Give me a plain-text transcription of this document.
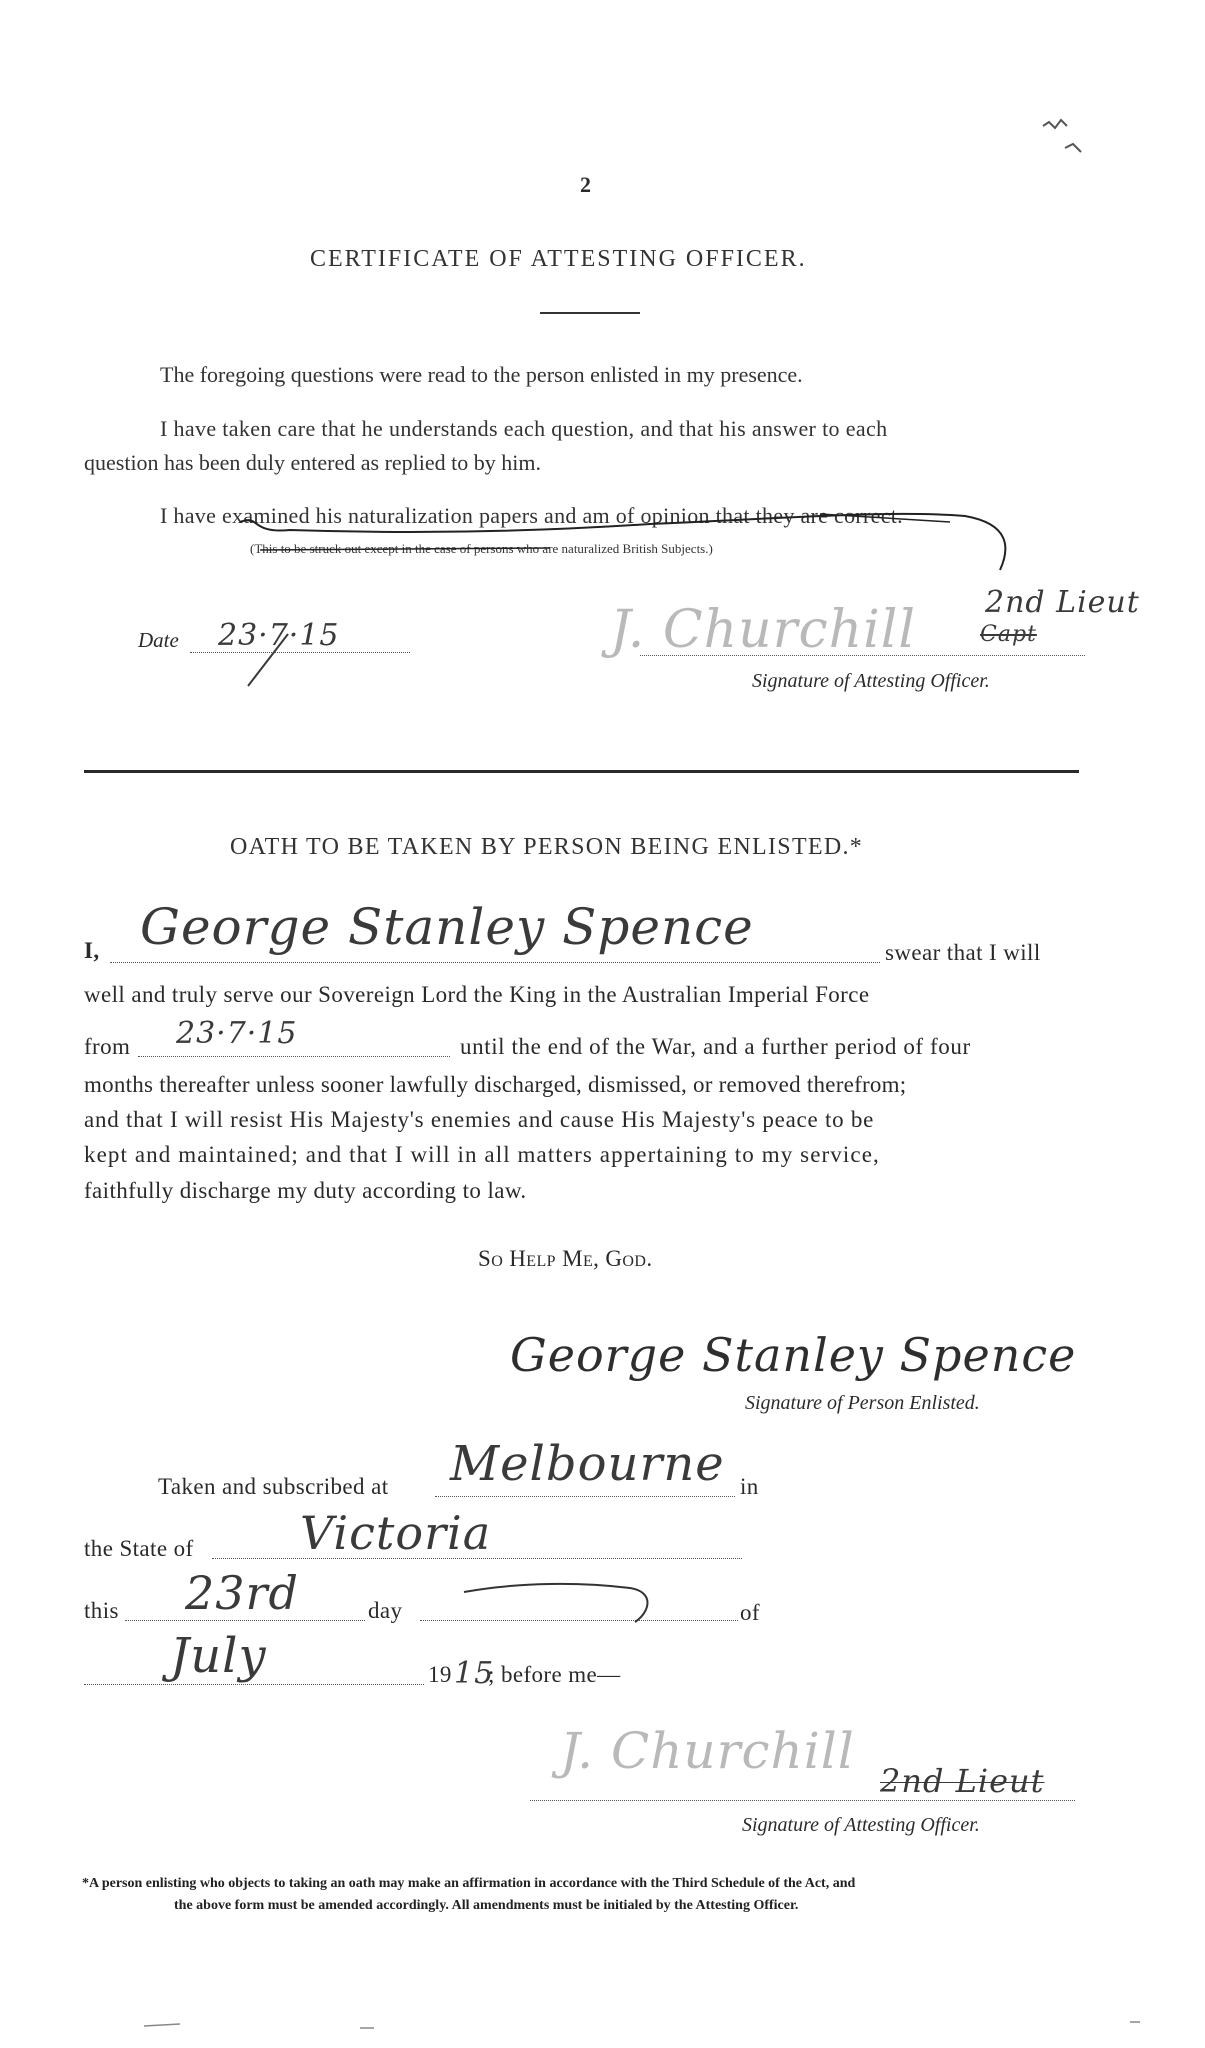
2
CERTIFICATE OF ATTESTING OFFICER.
The foregoing questions were read to the person enlisted in my presence.
I have taken care that he understands each question, and that his answer to each
question has been duly entered as replied to by him.
I have examined his naturalization papers and am of opinion that they are correct.
(This to be struck out except in the case of persons who are naturalized British Subjects.)
Date 23·7·15	J. Churchill 2nd Lieut
Capt
Signature of Attesting Officer.
OATH TO BE TAKEN BY PERSON BEING ENLISTED.*
I, George Stanley Spence	swear that I will
well and truly serve our Sovereign Lord the King in the Australian Imperial Force
from 23·7·15	until the end of the War, and a further period of four
months thereafter unless sooner lawfully discharged, dismissed, or removed therefrom;
and that I will resist His Majesty's enemies and cause His Majesty's peace to be
kept and maintained; and that I will in all matters appertaining to my service,
faithfully discharge my duty according to law.
So Help Me, God.
George Stanley Spence
Signature of Person Enlisted.
Taken and subscribed at Melbourne in
the State of Victoria
this 23rd	day	of
July	19 15
; before me—
J. Churchill
2nd Lieut
Signature of Attesting Officer.
*A person enlisting who objects to taking an oath may make an affirmation in accordance with the Third Schedule of the Act, and
the above form must be amended accordingly. All amendments must be initialed by the Attesting Officer.
